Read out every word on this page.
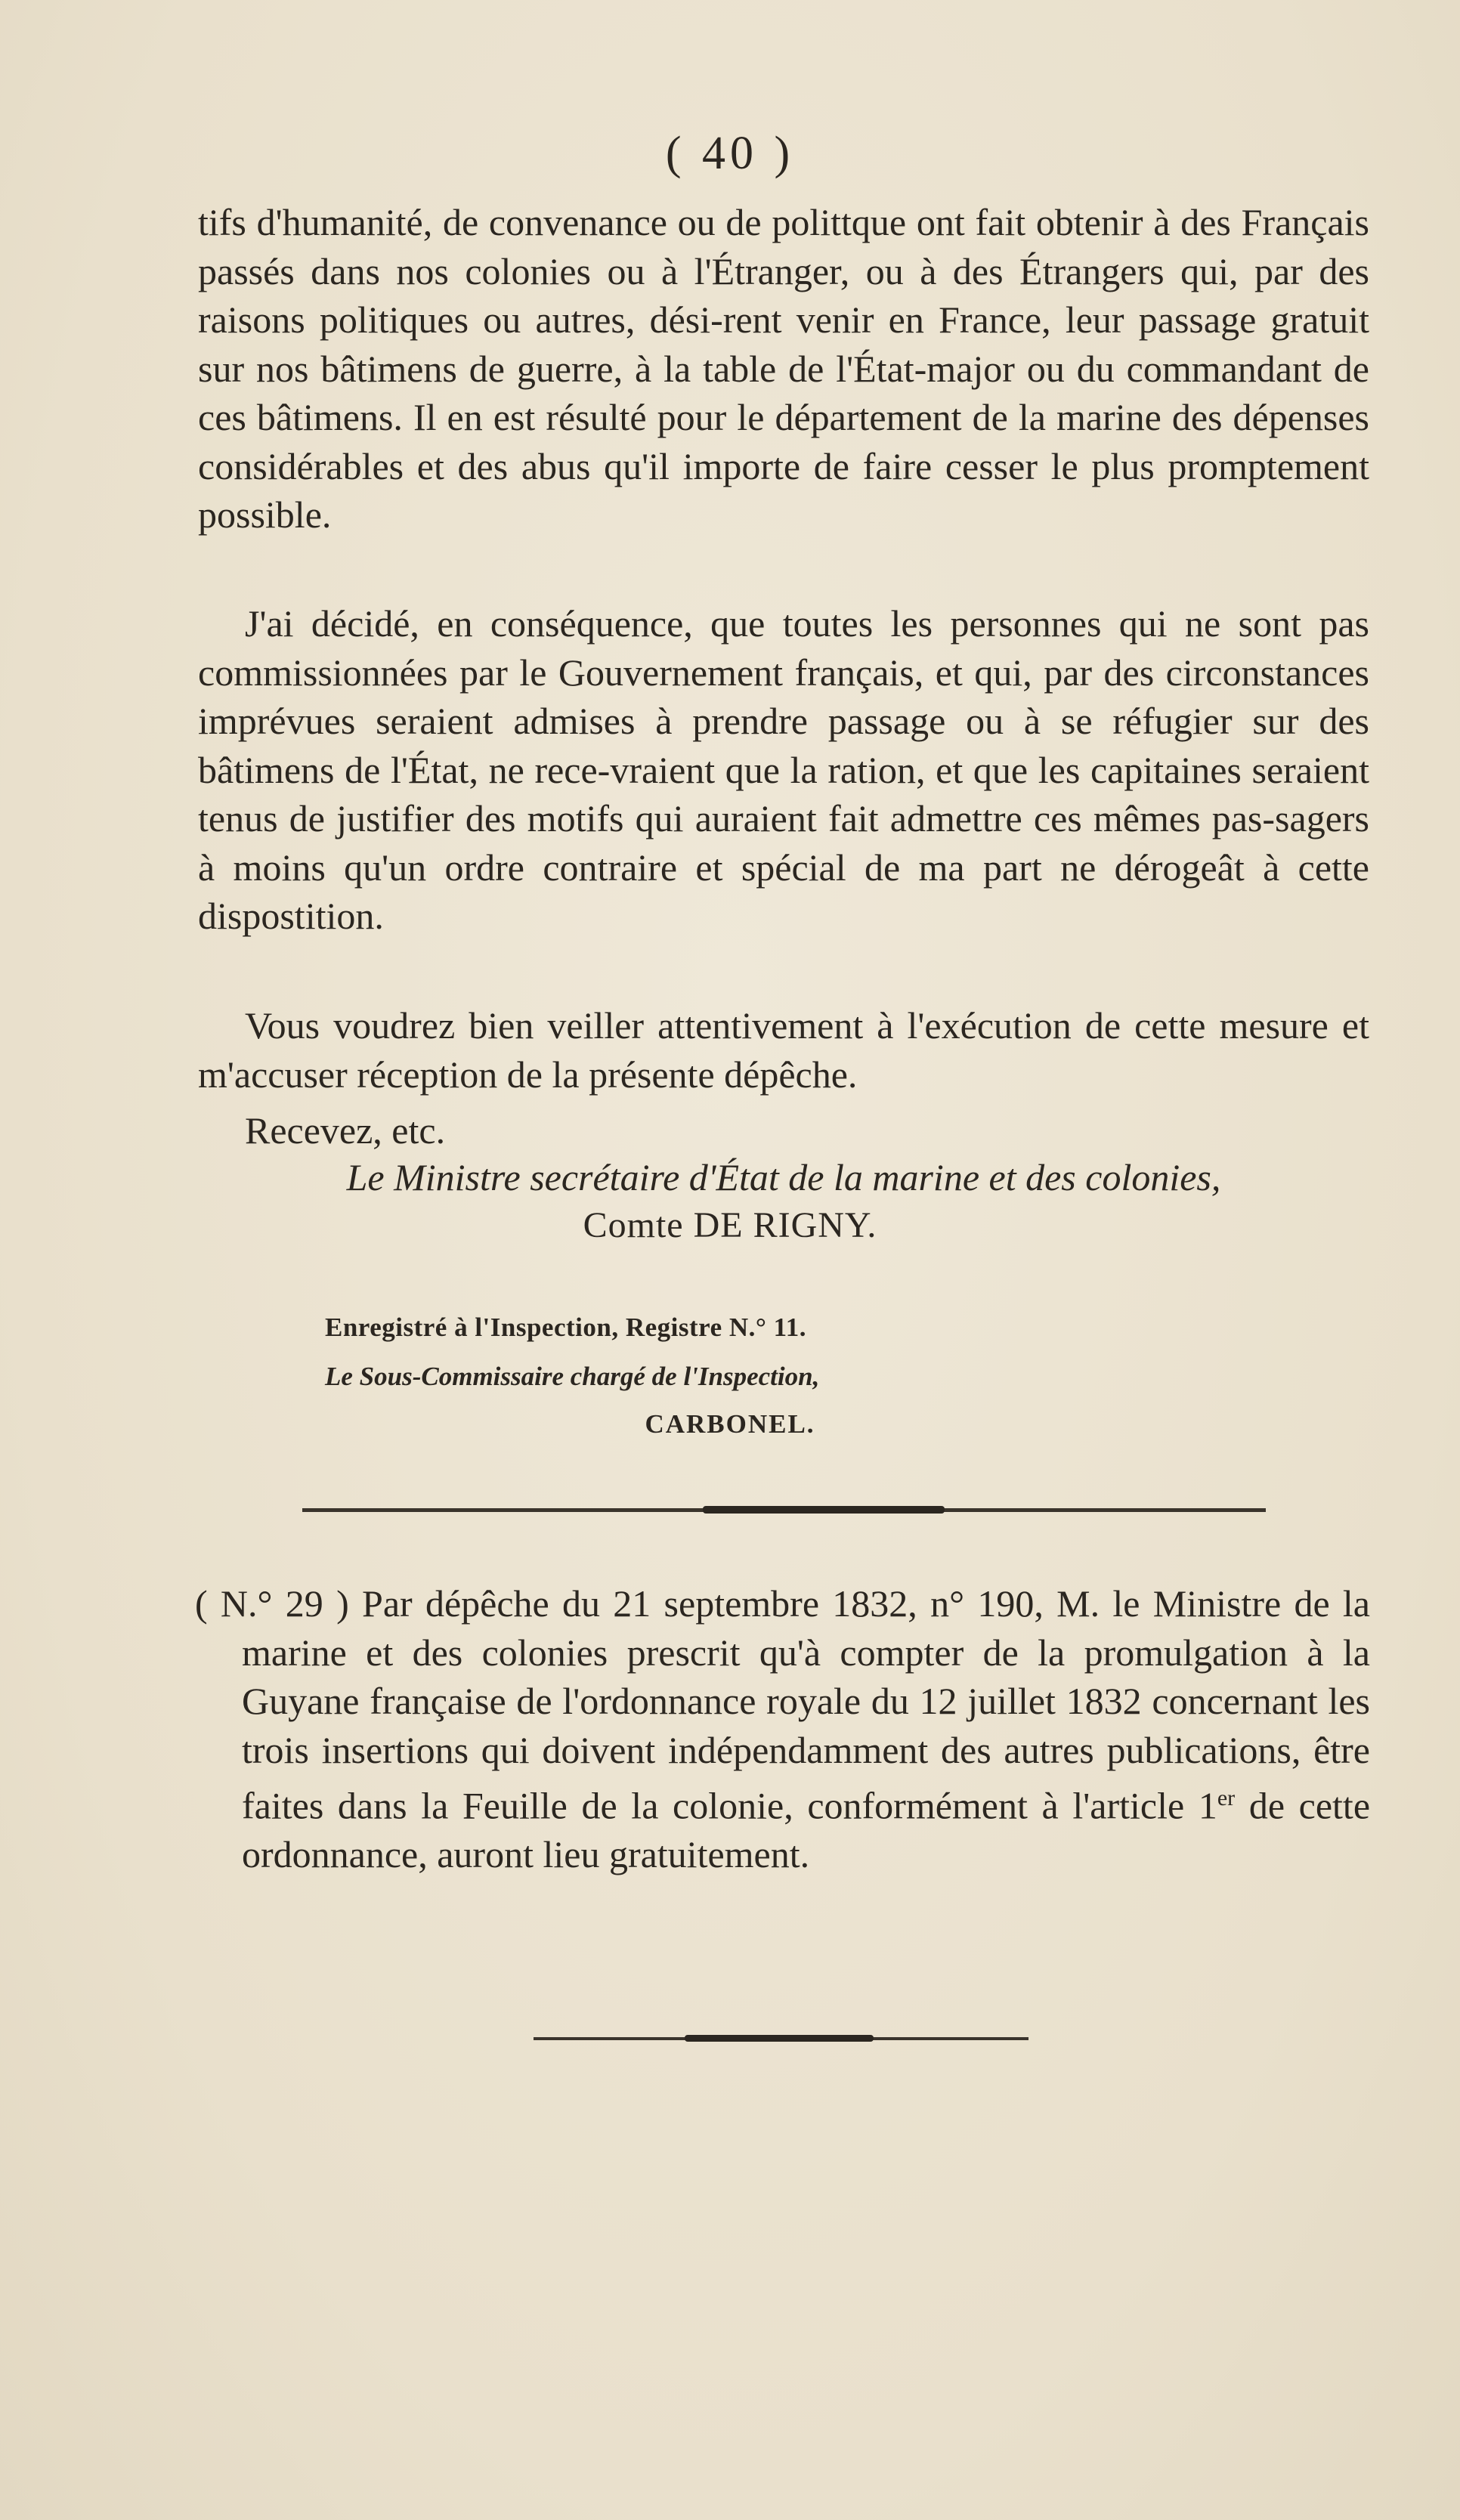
( 40 )

tifs d'humanité, de convenance ou de polittque ont fait obtenir à des Français passés dans nos colonies ou à l'Étranger, ou à des Étrangers qui, par des raisons politiques ou autres, dési-rent venir en France, leur passage gratuit sur nos bâtimens de guerre, à la table de l'État-major ou du commandant de ces bâtimens. Il en est résulté pour le département de la marine des dépenses considérables et des abus qu'il importe de faire cesser le plus promptement possible.

J'ai décidé, en conséquence, que toutes les personnes qui ne sont pas commissionnées par le Gouvernement français, et qui, par des circonstances imprévues seraient admises à prendre passage ou à se réfugier sur des bâtimens de l'État, ne rece-vraient que la ration, et que les capitaines seraient tenus de justifier des motifs qui auraient fait admettre ces mêmes pas-sagers à moins qu'un ordre contraire et spécial de ma part ne dérogeât à cette dispostition.

Vous voudrez bien veiller attentivement à l'exécution de cette mesure et m'accuser réception de la présente dépêche.

Recevez, etc.

Le Ministre secrétaire d'État de la marine et des colonies,
Comte DE RIGNY.
Enregistré à l'Inspection, Registre N.° 11.
Le Sous-Commissaire chargé de l'Inspection,
CARBONEL.
( N.° 29 ) Par dépêche du 21 septembre 1832, n° 190, M. le Ministre de la marine et des colonies prescrit qu'à compter de la promulgation à la Guyane française de l'ordonnance royale du 12 juillet 1832 concernant les trois insertions qui doivent indépendamment des autres publications, être faites dans la Feuille de la colonie, conformément à l'article 1er de cette ordonnance, auront lieu gratuitement.
